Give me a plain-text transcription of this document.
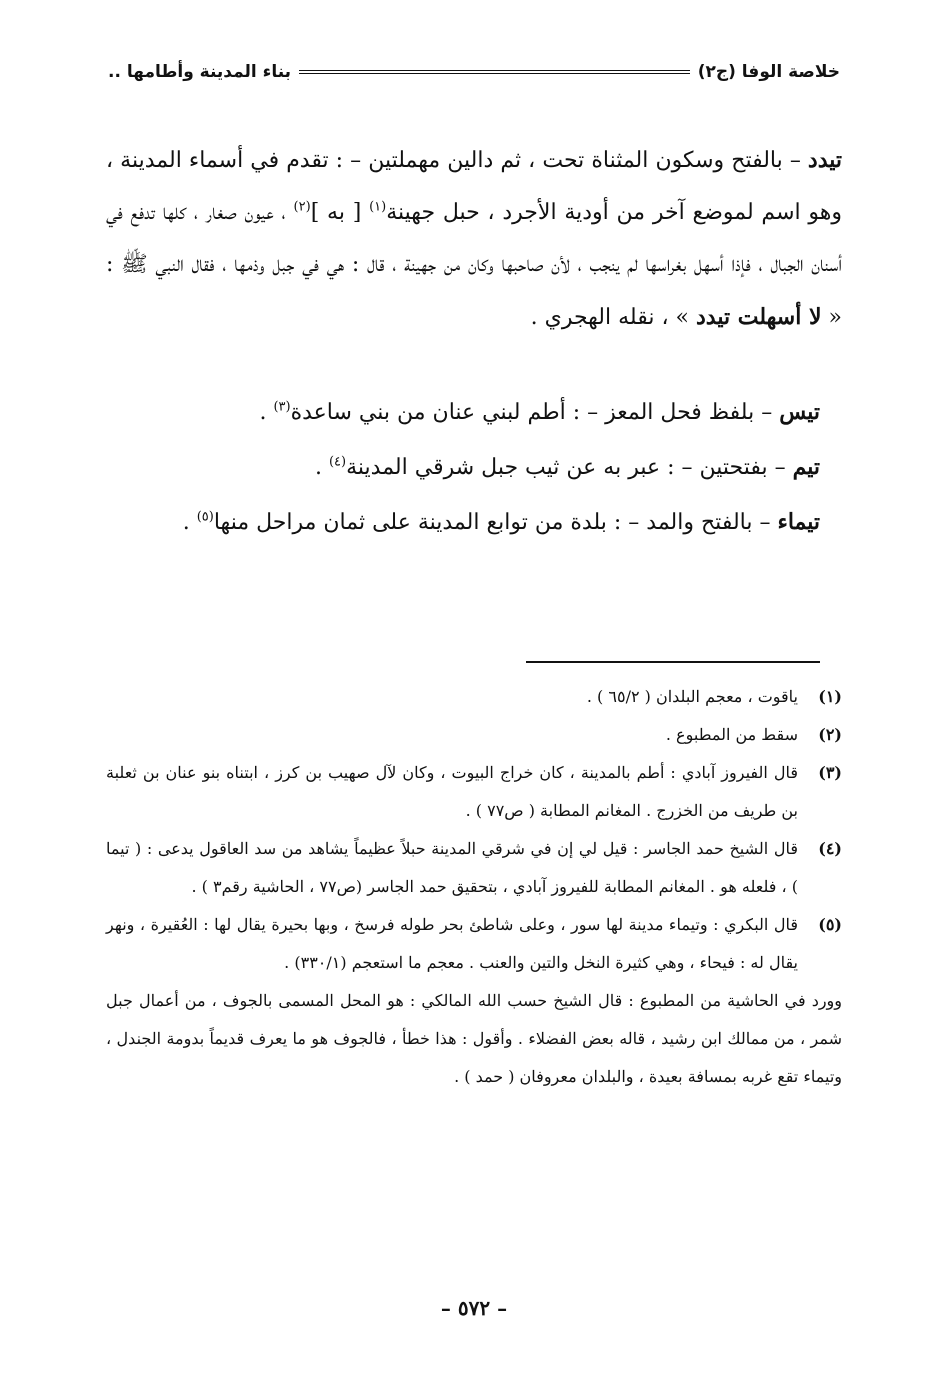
خلاصة الوفا (ج٢)
بناء المدينة وأطامها ..

تيدد – بالفتح وسكون المثناة تحت ، ثم دالين مهملتين – : تقدم في أسماء المدينة ، وهو اسم لموضع آخر من أودية الأجرد ، حبل جهينة$^{(١)}$ [ به ]$^{(٢)}$ ، عيون صغار ، كلها تدفع في أسنان الجبال ، فإذا أسهل بغراسها لم ينجب ، لأن صاحبها وكان من جهينة ، قال : هي في جبل وذمها ، فقال النبي ﷺ : « لا أسهلت تيدد » ، نقله الهجري .

تيس – بلفظ فحل المعز – : أطم لبني عنان من بني ساعدة$^{(٣)}$ .

تيم – بفتحتين – : عبر به عن ثيب جبل شرقي المدينة$^{(٤)}$ .

تيماء – بالفتح والمد – : بلدة من توابع المدينة على ثمان مراحل منها$^{(٥)}$ .

(١)
ياقوت ، معجم البلدان ( ٦٥/٢ ) .
(٢)
سقط من المطبوع .
(٣)
قال الفيروز آبادي : أطم بالمدينة ، كان خراج البيوت ، وكان لآل صهيب بن كرز ، ابتناه بنو عنان بن ثعلبة بن طريف من الخزرج . المغانم المطابة ( ص٧٧ ) .
(٤)
قال الشيخ حمد الجاسر : قيل لي إن في شرقي المدينة حبلاً عظيماً يشاهد من سد العاقول يدعى : ( تيما ) ، فلعله هو . المغانم المطابة للفيروز آبادي ، بتحقيق حمد الجاسر (ص٧٧ ، الحاشية رقم٣ ) .
(٥)
قال البكري : وتيماء مدينة لها سور ، وعلى شاطئ بحر طوله فرسخ ، وبها بحيرة يقال لها : العُقيرة ، ونهر يقال له : فيحاء ، وهي كثيرة النخل والتين والعنب . معجم ما استعجم (٣٣٠/١) .
وورد في الحاشية من المطبوع : قال الشيخ حسب الله المالكي : هو المحل المسمى بالجوف ، من أعمال جبل شمر ، من ممالك ابن رشيد ، قاله بعض الفضلاء . وأقول : هذا خطأ ، فالجوف هو ما يعرف قديماً بدومة الجندل ، وتيماء تقع غربه بمسافة بعيدة ، والبلدان معروفان ( حمد ) .
– ٥٧٢ –
